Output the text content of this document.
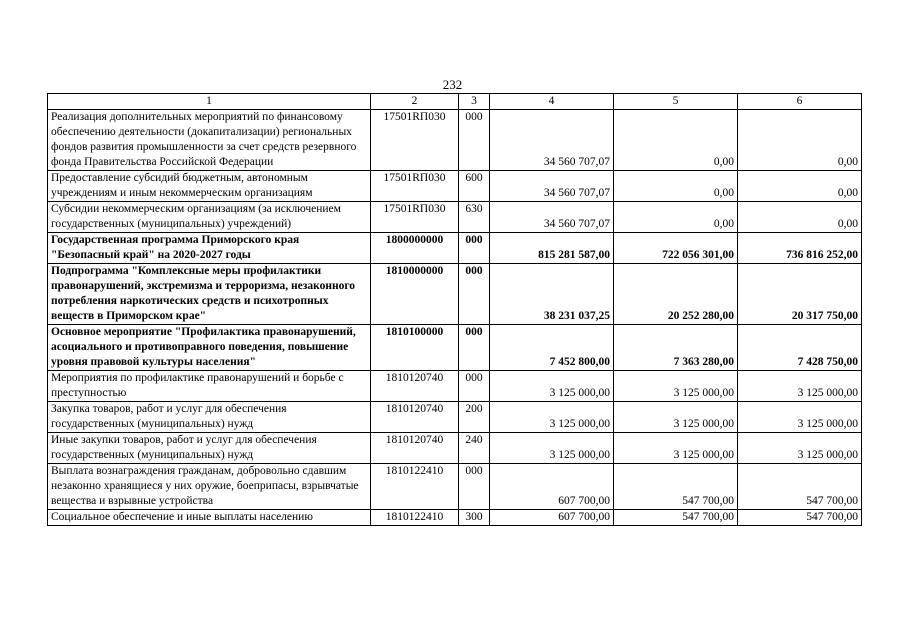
232
1	2	3	4	5	6
Реализация дополнительных мероприятий по финансовому обеспечению деятельности (докапитализации) региональных фондов развития промышленности за счет средств резервного фонда Правительства Российской Федерации	17501RП030	000	34 560 707,07	0,00	0,00
Предоставление субсидий бюджетным, автономным учреждениям и иным некоммерческим организациям	17501RП030	600	34 560 707,07	0,00	0,00
Субсидии некоммерческим организациям (за исключением государственных (муниципальных) учреждений)	17501RП030	630	34 560 707,07	0,00	0,00
Государственная программа Приморского края "Безопасный край" на 2020-2027 годы	1800000000	000	815 281 587,00	722 056 301,00	736 816 252,00
Подпрограмма "Комплексные меры профилактики правонарушений, экстремизма и терроризма, незаконного потребления наркотических средств и психотропных веществ в Приморском крае"	1810000000	000	38 231 037,25	20 252 280,00	20 317 750,00
Основное мероприятие "Профилактика правонарушений, асоциального и противоправного поведения, повышение уровня правовой культуры населения"	1810100000	000	7 452 800,00	7 363 280,00	7 428 750,00
Мероприятия по профилактике правонарушений и борьбе с преступностью	1810120740	000	3 125 000,00	3 125 000,00	3 125 000,00
Закупка товаров, работ и услуг для обеспечения государственных (муниципальных) нужд	1810120740	200	3 125 000,00	3 125 000,00	3 125 000,00
Иные закупки товаров, работ и услуг для обеспечения государственных (муниципальных) нужд	1810120740	240	3 125 000,00	3 125 000,00	3 125 000,00
Выплата вознаграждения гражданам, добровольно сдавшим незаконно хранящиеся у них оружие, боеприпасы, взрывчатые вещества и взрывные устройства	1810122410	000	607 700,00	547 700,00	547 700,00
Социальное обеспечение и иные выплаты населению	1810122410	300	607 700,00	547 700,00	547 700,00
